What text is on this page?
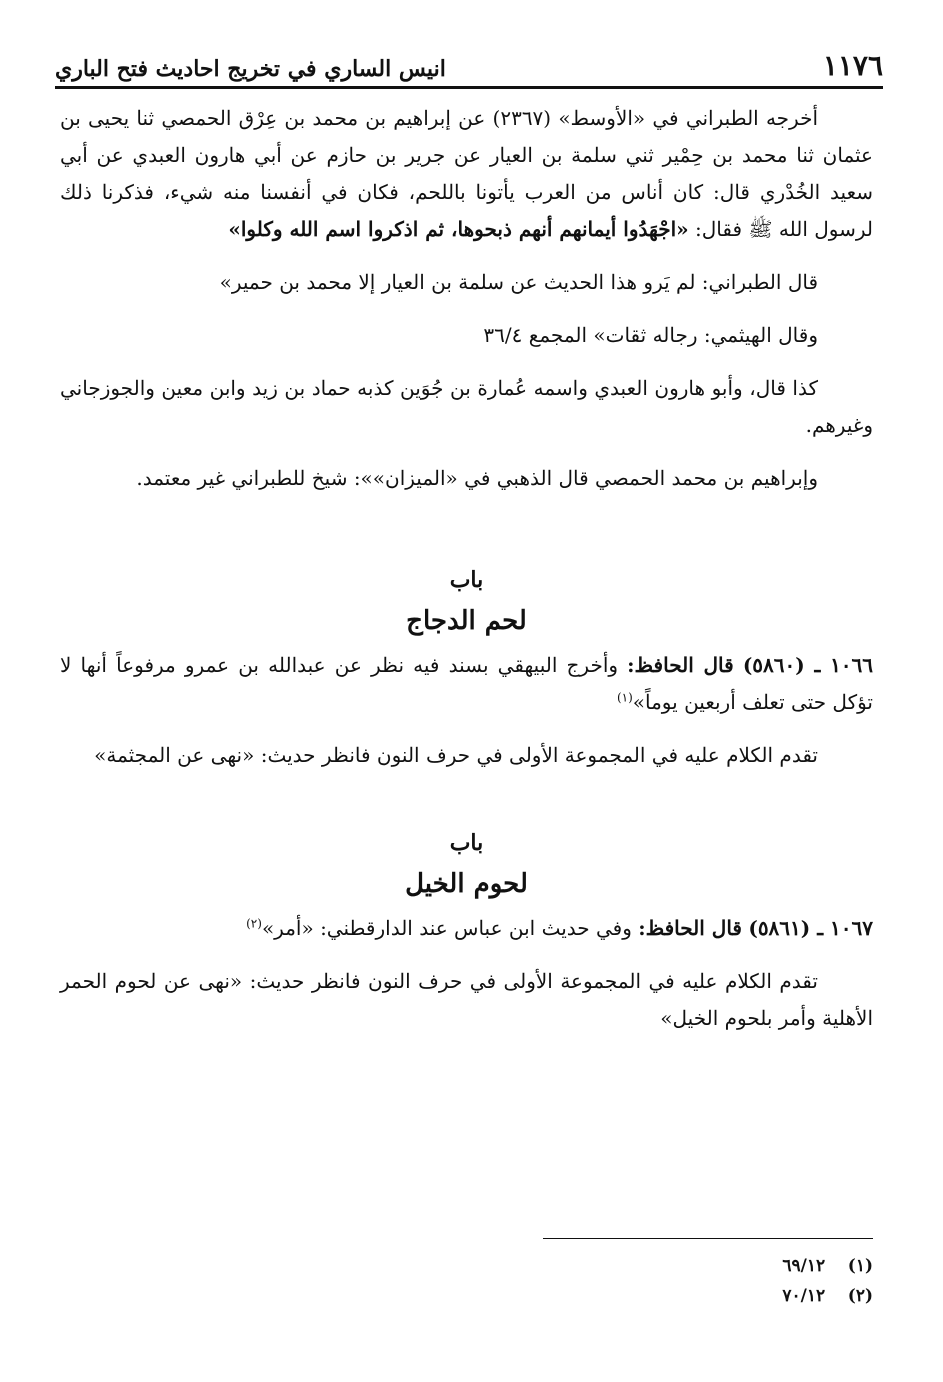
١١٧٦
انيس الساري في تخريج احاديث فتح الباري

أخرجه الطبراني في «الأوسط» (٢٣٦٧) عن إبراهيم بن محمد بن عِرْق الحمصي ثنا يحيى بن عثمان ثنا محمد بن حِمْير ثني سلمة بن العيار عن جرير بن حازم عن أبي هارون العبدي عن أبي سعيد الخُدْري قال: كان أناس من العرب يأتونا باللحم، فكان في أنفسنا منه شيء، فذكرنا ذلك لرسول الله ﷺ فقال: «اجْهَدُوا أيمانهم أنهم ذبحوها، ثم اذكروا اسم الله وكلوا»

قال الطبراني: لم يَرو هذا الحديث عن سلمة بن العيار إلا محمد بن حمير»

وقال الهيثمي: رجاله ثقات» المجمع ٣٦/٤

كذا قال، وأبو هارون العبدي واسمه عُمارة بن جُوَين كذبه حماد بن زيد وابن معين والجوزجاني وغيرهم.

وإبراهيم بن محمد الحمصي قال الذهبي في «الميزان»»: شيخ للطبراني غير معتمد.

باب
لحم الدجاج

١٠٦٦ ـ (٥٨٦٠) قال الحافظ: وأخرج البيهقي بسند فيه نظر عن عبدالله بن عمرو مرفوعاً أنها لا تؤكل حتى تعلف أربعين يوماً»$^{(١)}$

تقدم الكلام عليه في المجموعة الأولى في حرف النون فانظر حديث: «نهى عن المجثمة»

باب
لحوم الخيل

١٠٦٧ ـ (٥٨٦١) قال الحافظ: وفي حديث ابن عباس عند الدارقطني: «أمر»$^{(٢)}$

تقدم الكلام عليه في المجموعة الأولى في حرف النون فانظر حديث: «نهى عن لحوم الحمر الأهلية وأمر بلحوم الخيل»

(١) ٦٩/١٢
(٢) ٧٠/١٢
